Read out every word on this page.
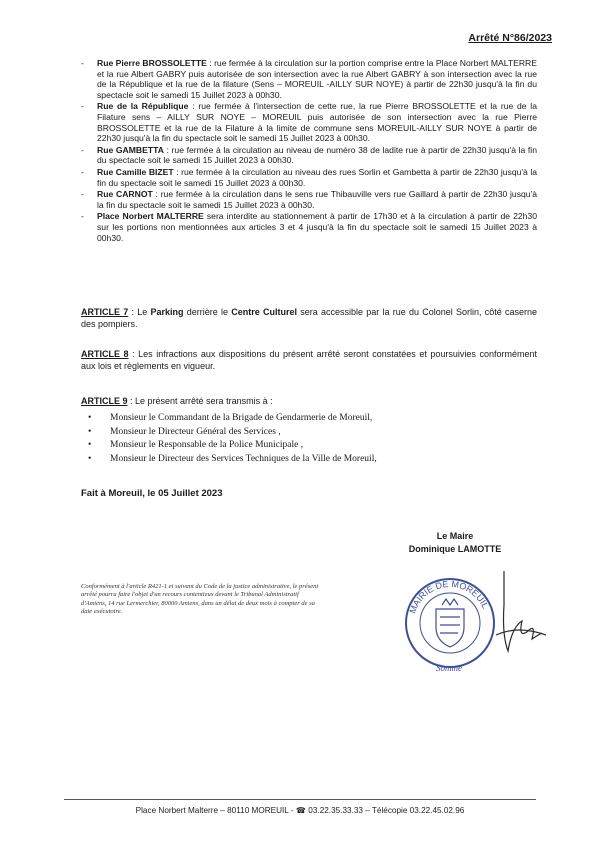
Arrêté N°86/2023
- Rue Pierre BROSSOLETTE : rue fermée à la circulation sur la portion comprise entre la Place Norbert MALTERRE et la rue Albert GABRY puis autorisée de son intersection avec la rue Albert GABRY à son intersection avec la rue de la République et la rue de la filature (Sens – MOREUIL -AILLY SUR NOYE) à partir de 22h30 jusqu'à la fin du spectacle soit le samedi 15 Juillet 2023 à 00h30.
- Rue de la République : rue fermée à l'intersection de cette rue, la rue Pierre BROSSOLETTE et la rue de la Filature sens – AILLY SUR NOYE – MOREUIL puis autorisée de son intersection avec la rue Pierre BROSSOLETTE et la rue de la Filature à la limite de commune sens MOREUIL-AILLY SUR NOYE à partir de 22h30 jusqu'à la fin du spectacle soit le samedi 15 Juillet 2023 à 00h30.
- Rue GAMBETTA : rue fermée à la circulation au niveau de numéro 38 de ladite rue à partir de 22h30 jusqu'à la fin du spectacle soit le samedi 15 Juillet 2023 à 00h30.
- Rue Camille BIZET : rue fermée à la circulation au niveau des rues Sorlin et Gambetta à partir de 22h30 jusqu'à la fin du spectacle soit le samedi 15 Juillet 2023 à 00h30.
- Rue CARNOT : rue fermée à la circulation dans le sens rue Thibauville vers rue Gaillard à partir de 22h30 jusqu'à la fin du spectacle soit le samedi 15 Juillet 2023 à 00h30.
- Place Norbert MALTERRE sera interdite au stationnement à partir de 17h30 et à la circulation à partir de 22h30 sur les portions non mentionnées aux articles 3 et 4 jusqu'à la fin du spectacle soit le samedi 15 Juillet 2023 à 00h30.

ARTICLE 7 : Le Parking derrière le Centre Culturel sera accessible par la rue du Colonel Sorlin, côté caserne des pompiers.

ARTICLE 8 : Les infractions aux dispositions du présent arrêté seront constatées et poursuivies conformément aux lois et règlements en vigueur.

ARTICLE 9 : Le présent arrêté sera transmis à :

• Monsieur le Commandant de la Brigade de Gendarmerie de Moreuil,
• Monsieur le Directeur Général des Services ,
• Monsieur le Responsable de la Police Municipale ,
• Monsieur le Directeur des Services Techniques de la Ville de Moreuil,
Fait à Moreuil, le 05 Juillet 2023
Le Maire
Dominique LAMOTTE
Conformément à l'article R421-1 et suivant du Code de la justice administrative, le présent arrêté pourra faire l'objet d'un recours contentieux devant le Tribunal Administratif d'Amiens, 14 rue Lermerchier, 80000 Amiens, dans un délai de deux mois à compter de sa date exécutoire.	MAIRIE DE MOREUIL
Somme
Place Norbert Malterre – 80110 MOREUIL - ☎ 03.22.35.33.33 – Télécopie 03.22.45.02.96
